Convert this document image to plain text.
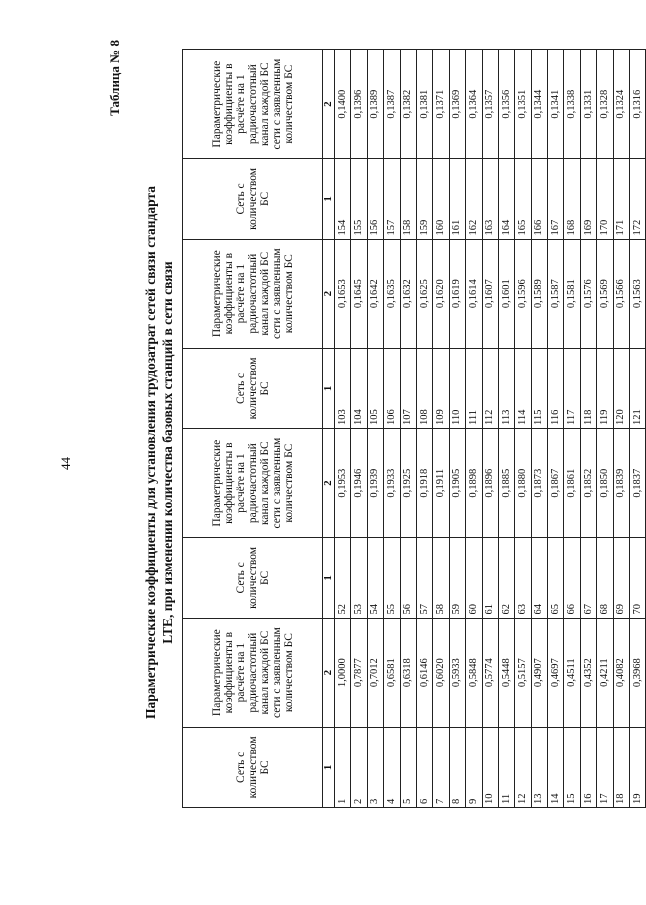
44
Таблица № 8
Параметрические коэффициенты для установления трудозатрат сетей связи стандарта LTE, при изменении количества базовых станций в сети связи
Сеть с количеством БС	Параметрические коэффициенты в расчёте на 1 радиочастотный канал каждой БС сети с заявленным количеством БС	Сеть с количеством БС	Параметрические коэффициенты в расчёте на 1 радиочастотный канал каждой БС сети с заявленным количеством БС	Сеть с количеством БС	Параметрические коэффициенты в расчёте на 1 радиочастотный канал каждой БС сети с заявленным количеством БС	Сеть с количеством БС	Параметрические коэффициенты в расчёте на 1 радиочастотный канал каждой БС сети с заявленным количеством БС
1	2	1	2	1	2	1	2
1	1,0000	52	0,1953	103	0,1653	154	0,1400
2	0,7877	53	0,1946	104	0,1645	155	0,1396
3	0,7012	54	0,1939	105	0,1642	156	0,1389
4	0,6581	55	0,1933	106	0,1635	157	0,1387
5	0,6318	56	0,1925	107	0,1632	158	0,1382
6	0,6146	57	0,1918	108	0,1625	159	0,1381
7	0,6020	58	0,1911	109	0,1620	160	0,1371
8	0,5933	59	0,1905	110	0,1619	161	0,1369
9	0,5848	60	0,1898	111	0,1614	162	0,1364
10	0,5774	61	0,1896	112	0,1607	163	0,1357
11	0,5448	62	0,1885	113	0,1601	164	0,1356
12	0,5157	63	0,1880	114	0,1596	165	0,1351
13	0,4907	64	0,1873	115	0,1589	166	0,1344
14	0,4697	65	0,1867	116	0,1587	167	0,1341
15	0,4511	66	0,1861	117	0,1581	168	0,1338
16	0,4352	67	0,1852	118	0,1576	169	0,1331
17	0,4211	68	0,1850	119	0,1569	170	0,1328
18	0,4082	69	0,1839	120	0,1566	171	0,1324
19	0,3968	70	0,1837	121	0,1563	172	0,1316
